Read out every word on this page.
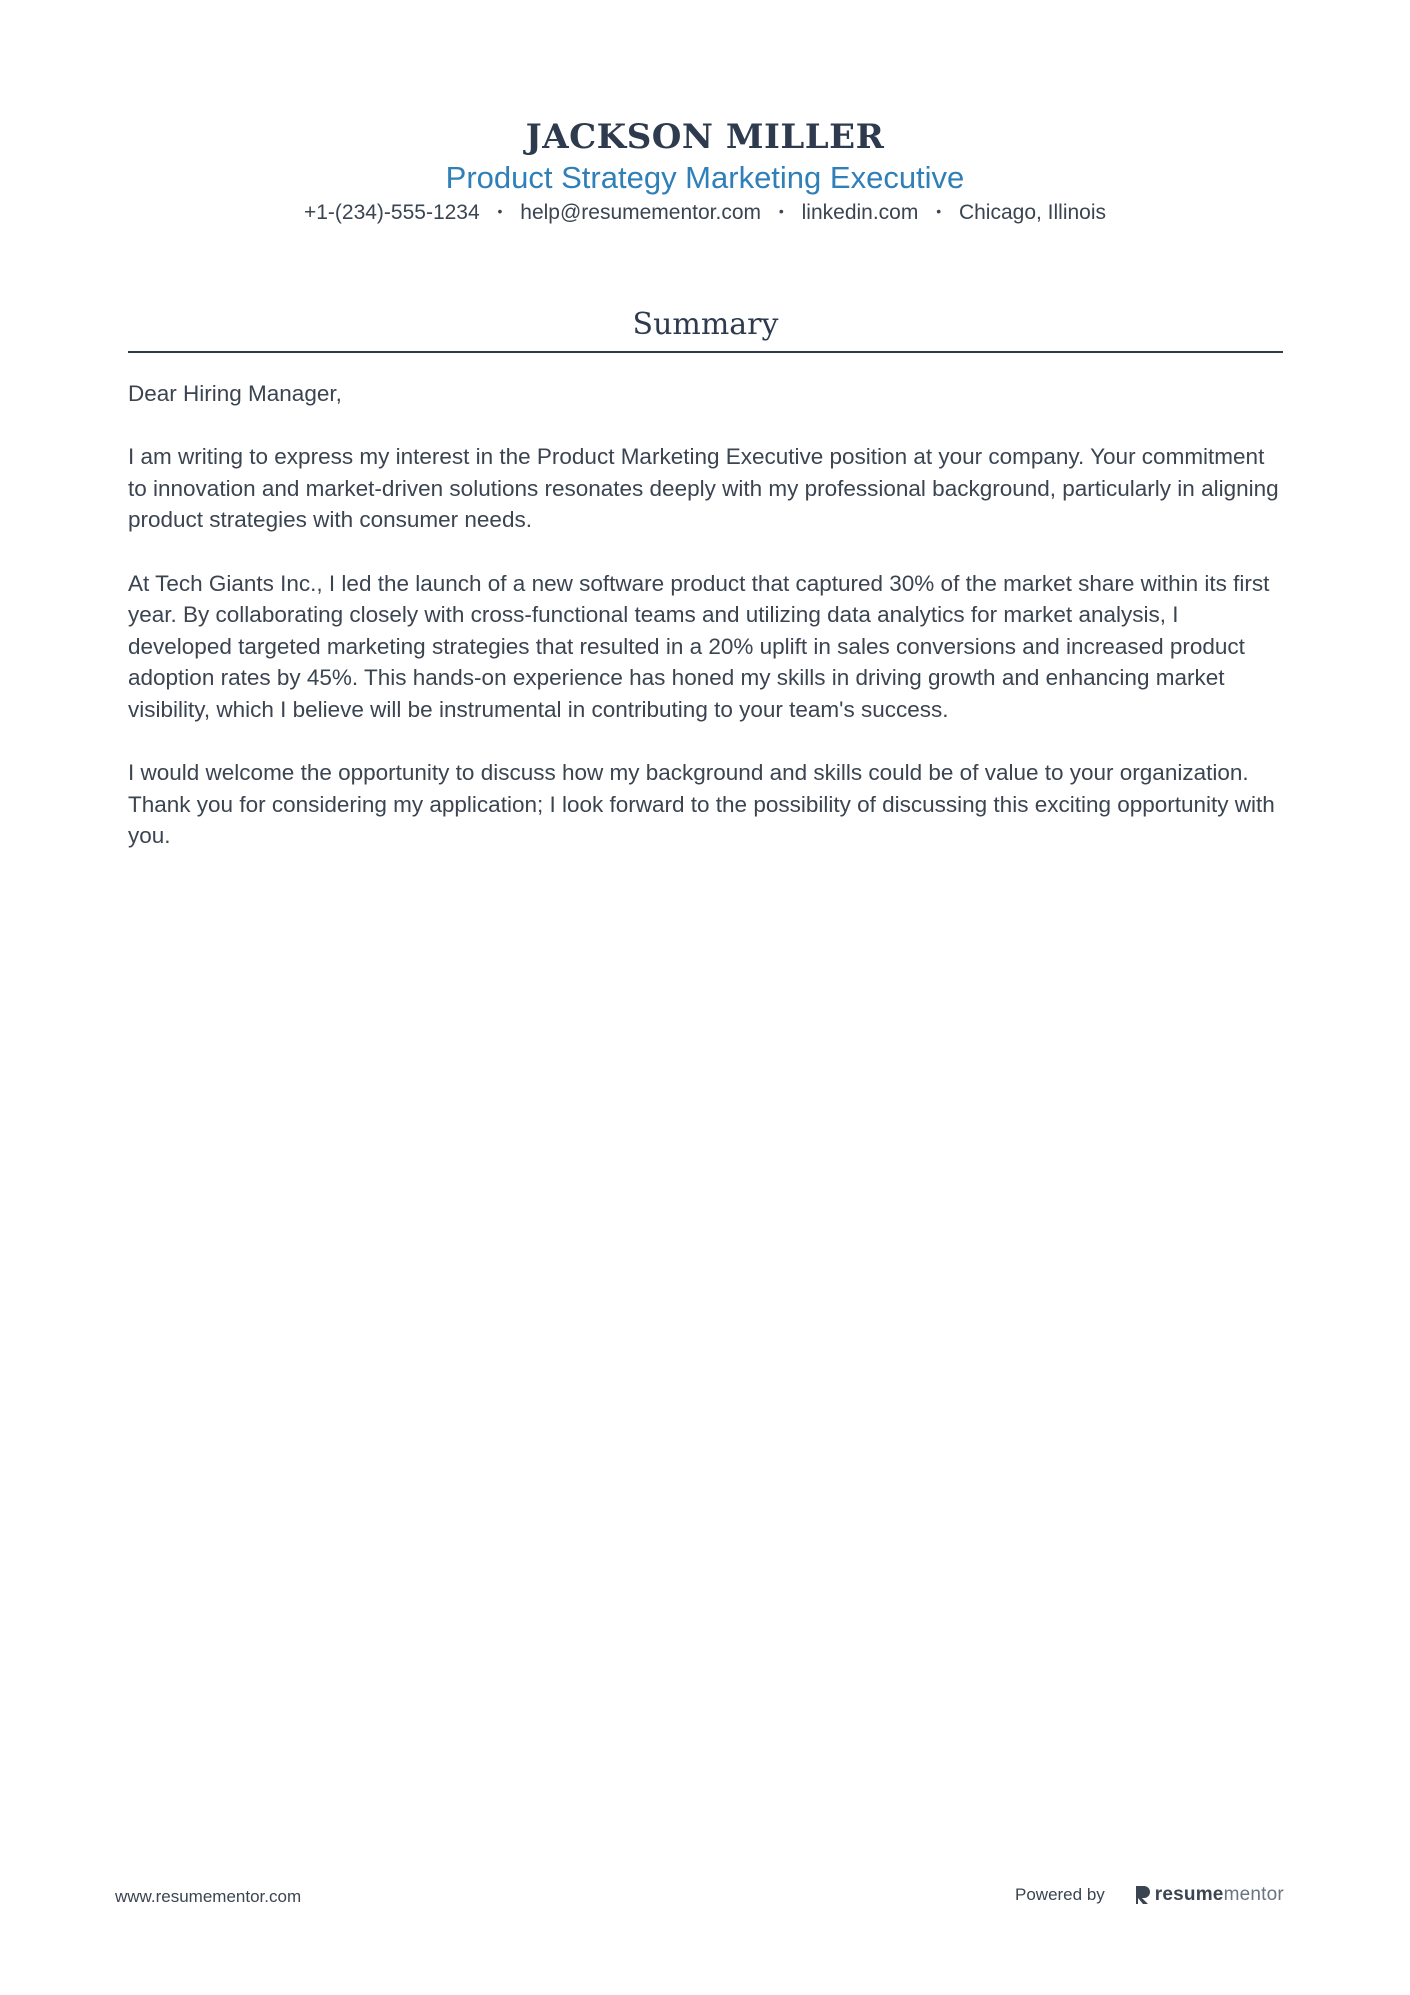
JACKSON MILLER
Product Strategy Marketing Executive
+1-(234)-555-1234 • help@resumementor.com • linkedin.com • Chicago, Illinois
Summary

Dear Hiring Manager,

I am writing to express my interest in the Product Marketing Executive position at your company. Your commitment to innovation and market-driven solutions resonates deeply with my professional background, particularly in aligning product strategies with consumer needs.

At Tech Giants Inc., I led the launch of a new software product that captured 30% of the market share within its first year. By collaborating closely with cross-functional teams and utilizing data analytics for market analysis, I developed targeted marketing strategies that resulted in a 20% uplift in sales conversions and increased product adoption rates by 45%. This hands-on experience has honed my skills in driving growth and enhancing market visibility, which I believe will be instrumental in contributing to your team's success.

I would welcome the opportunity to discuss how my background and skills could be of value to your organization. Thank you for considering my application; I look forward to the possibility of discussing this exciting opportunity with you.

www.resumementor.com	Powered by	resumementor
